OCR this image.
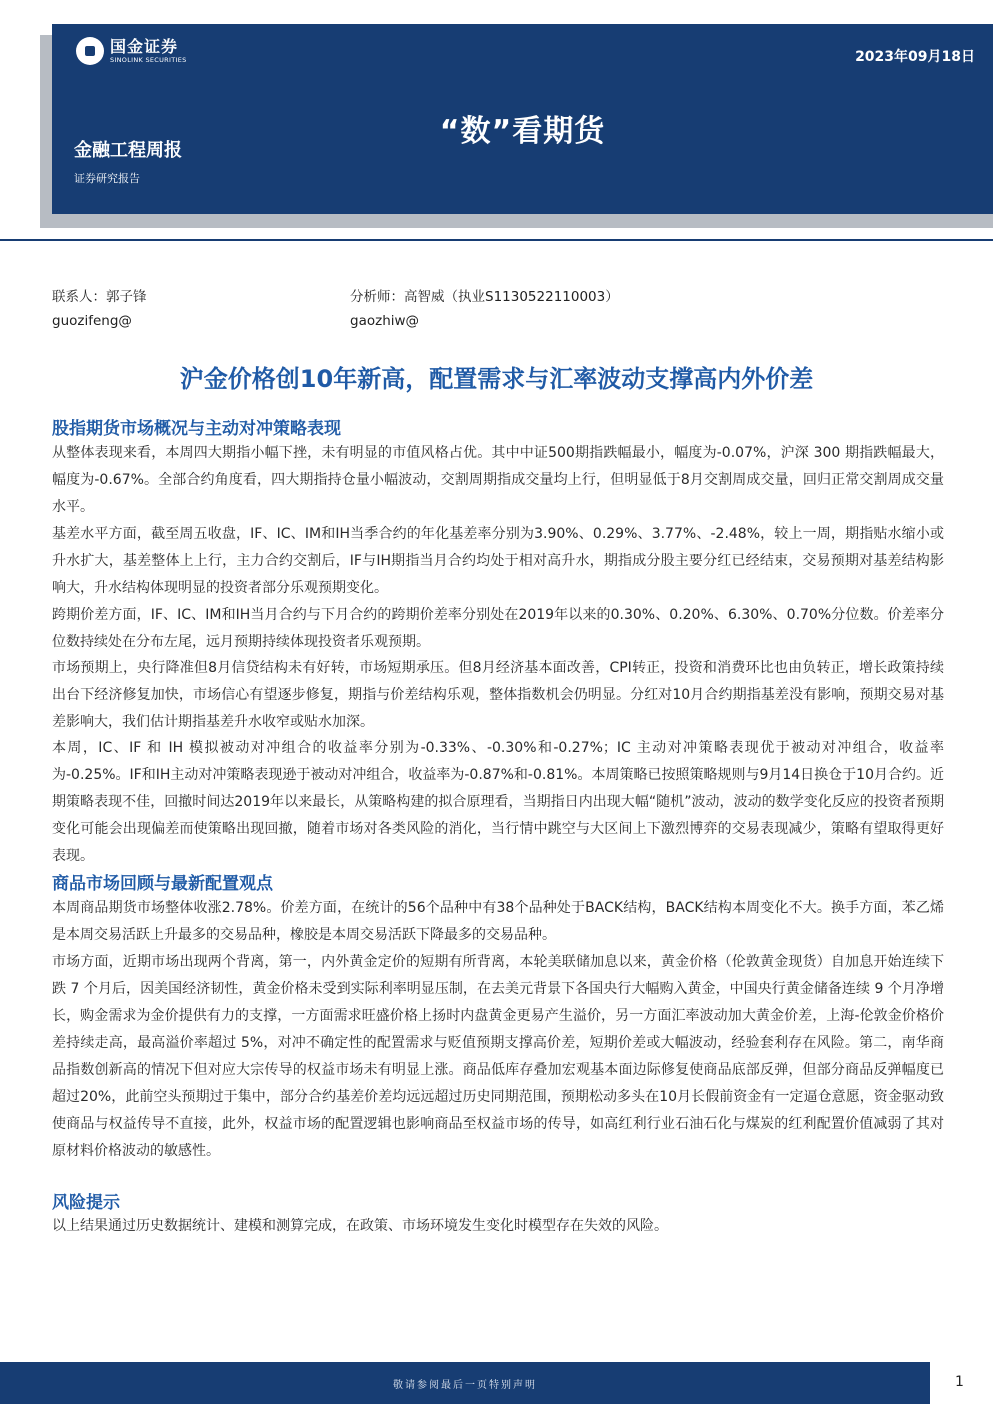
国金证券
SINOLINK SECURITIES	2023年09月18日
“数”看期货
金融工程周报
证券研究报告
联系人：郭子锋
guozifeng@
分析师：高智威（执业S1130522110003）
gaozhiw@
沪金价格创10年新高，配置需求与汇率波动支撑高内外价差
股指期货市场概况与主动对冲策略表现

从整体表现来看，本周四大期指小幅下挫，未有明显的市值风格占优。其中中证500期指跌幅最小，幅度为-0.07%，沪深 300 期指跌幅最大，幅度为-0.67%。全部合约角度看，四大期指持仓量小幅波动，交割周期指成交量均上行，但明显低于8月交割周成交量，回归正常交割周成交量水平。

基差水平方面，截至周五收盘，IF、IC、IM和IH当季合约的年化基差率分别为3.90%、0.29%、3.77%、-2.48%，较上一周，期指贴水缩小或升水扩大，基差整体上上行，主力合约交割后，IF与IH期指当月合约均处于相对高升水，期指成分股主要分红已经结束，交易预期对基差结构影响大，升水结构体现明显的投资者部分乐观预期变化。

跨期价差方面，IF、IC、IM和IH当月合约与下月合约的跨期价差率分别处在2019年以来的0.30%、0.20%、6.30%、0.70%分位数。价差率分位数持续处在分布左尾，远月预期持续体现投资者乐观预期。

市场预期上，央行降准但8月信贷结构未有好转，市场短期承压。但8月经济基本面改善，CPI转正，投资和消费环比也由负转正，增长政策持续出台下经济修复加快，市场信心有望逐步修复，期指与价差结构乐观，整体指数机会仍明显。分红对10月合约期指基差没有影响，预期交易对基差影响大，我们估计期指基差升水收窄或贴水加深。

本周，IC、IF 和 IH 模拟被动对冲组合的收益率分别为-0.33%、-0.30%和-0.27%；IC 主动对冲策略表现优于被动对冲组合，收益率为-0.25%。IF和IH主动对冲策略表现逊于被动对冲组合，收益率为-0.87%和-0.81%。本周策略已按照策略规则与9月14日换仓于10月合约。近期策略表现不佳，回撤时间达2019年以来最长，从策略构建的拟合原理看，当期指日内出现大幅“随机”波动，波动的数学变化反应的投资者预期变化可能会出现偏差而使策略出现回撤，随着市场对各类风险的消化，当行情中跳空与大区间上下激烈博弈的交易表现减少，策略有望取得更好表现。

商品市场回顾与最新配置观点

本周商品期货市场整体收涨2.78%。价差方面，在统计的56个品种中有38个品种处于BACK结构，BACK结构本周变化不大。换手方面，苯乙烯是本周交易活跃上升最多的交易品种，橡胶是本周交易活跃下降最多的交易品种。

市场方面，近期市场出现两个背离，第一，内外黄金定价的短期有所背离，本轮美联储加息以来，黄金价格（伦敦黄金现货）自加息开始连续下跌 7 个月后，因美国经济韧性，黄金价格未受到实际利率明显压制，在去美元背景下各国央行大幅购入黄金，中国央行黄金储备连续 9 个月净增长，购金需求为金价提供有力的支撑，一方面需求旺盛价格上扬时内盘黄金更易产生溢价，另一方面汇率波动加大黄金价差，上海-伦敦金价格价差持续走高，最高溢价率超过 5%，对冲不确定性的配置需求与贬值预期支撑高价差，短期价差或大幅波动，经验套利存在风险。第二，南华商品指数创新高的情况下但对应大宗传导的权益市场未有明显上涨。商品低库存叠加宏观基本面边际修复使商品底部反弹，但部分商品反弹幅度已超过20%，此前空头预期过于集中，部分合约基差价差均远远超过历史同期范围，预期松动多头在10月长假前资金有一定逼仓意愿，资金驱动致使商品与权益传导不直接，此外，权益市场的配置逻辑也影响商品至权益市场的传导，如高红利行业石油石化与煤炭的红利配置价值减弱了其对原材料价格波动的敏感性。

风险提示

以上结果通过历史数据统计、建模和测算完成，在政策、市场环境发生变化时模型存在失效的风险。

敬请参阅最后一页特别声明	1
